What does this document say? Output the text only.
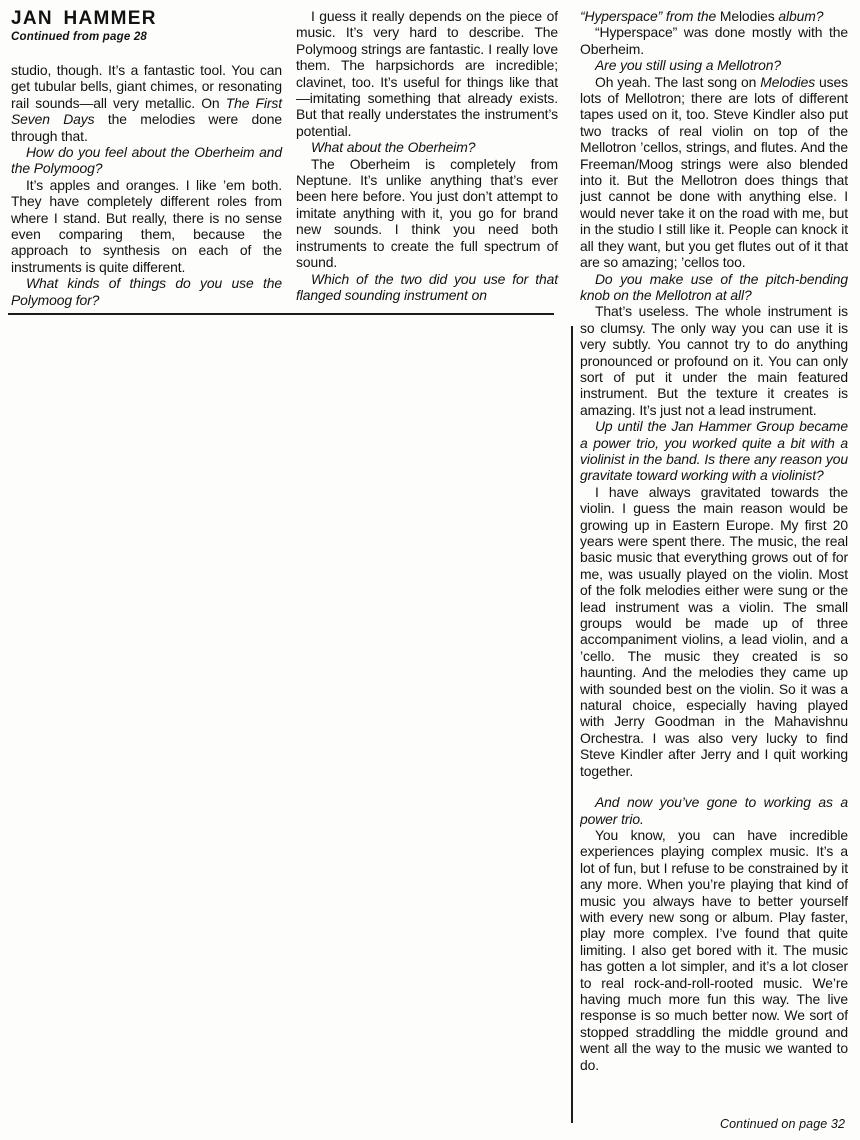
JAN HAMMER
Continued from page 28

studio, though. It’s a fantastic tool. You can get tubular bells, giant chimes, or resonating rail sounds—all very metallic. On The First Seven Days the melodies were done through that.

How do you feel about the Oberheim and the Polymoog?

It’s apples and oranges. I like ’em both. They have completely different roles from where I stand. But really, there is no sense even comparing them, because the approach to synthesis on each of the instruments is quite different.

What kinds of things do you use the Polymoog for?

I guess it really depends on the piece of music. It’s very hard to describe. The Polymoog strings are fantastic. I really love them. The harpsichords are incredible; clavinet, too. It’s useful for things like that—imitating something that already exists. But that really understates the instrument’s potential.

What about the Oberheim?

The Oberheim is completely from Neptune. It’s unlike anything that’s ever been here before. You just don’t attempt to imitate anything with it, you go for brand new sounds. I think you need both instruments to create the full spectrum of sound.

Which of the two did you use for that flanged sounding instrument on

“Hyperspace” from the Melodies album?

“Hyperspace” was done mostly with the Oberheim.

Are you still using a Mellotron?

Oh yeah. The last song on Melodies uses lots of Mellotron; there are lots of different tapes used on it, too. Steve Kindler also put two tracks of real violin on top of the Mellotron ’cellos, strings, and flutes. And the Freeman/Moog strings were also blended into it. But the Mellotron does things that just cannot be done with anything else. I would never take it on the road with me, but in the studio I still like it. People can knock it all they want, but you get flutes out of it that are so amazing; ’cellos too.

Do you make use of the pitch-bending knob on the Mellotron at all?

That’s useless. The whole instrument is so clumsy. The only way you can use it is very subtly. You cannot try to do anything pronounced or profound on it. You can only sort of put it under the main featured instrument. But the texture it creates is amazing. It’s just not a lead instrument.

Up until the Jan Hammer Group became a power trio, you worked quite a bit with a violinist in the band. Is there any reason you gravitate toward working with a violinist?

I have always gravitated towards the violin. I guess the main reason would be growing up in Eastern Europe. My first 20 years were spent there. The music, the real basic music that everything grows out of for me, was usually played on the violin. Most of the folk melodies either were sung or the lead instrument was a violin. The small groups would be made up of three accompaniment violins, a lead violin, and a ’cello. The music they created is so haunting. And the melodies they came up with sounded best on the violin. So it was a natural choice, especially having played with Jerry Goodman in the Mahavishnu Orchestra. I was also very lucky to find Steve Kindler after Jerry and I quit working together.

And now you’ve gone to working as a power trio.

You know, you can have incredible experiences playing complex music. It’s a lot of fun, but I refuse to be constrained by it any more. When you’re playing that kind of music you always have to better yourself with every new song or album. Play faster, play more complex. I’ve found that quite limiting. I also get bored with it. The music has gotten a lot simpler, and it’s a lot closer to real rock-and-roll-rooted music. We’re having much more fun this way. The live response is so much better now. We sort of stopped straddling the middle ground and went all the way to the music we wanted to do.

Continued on page 32
